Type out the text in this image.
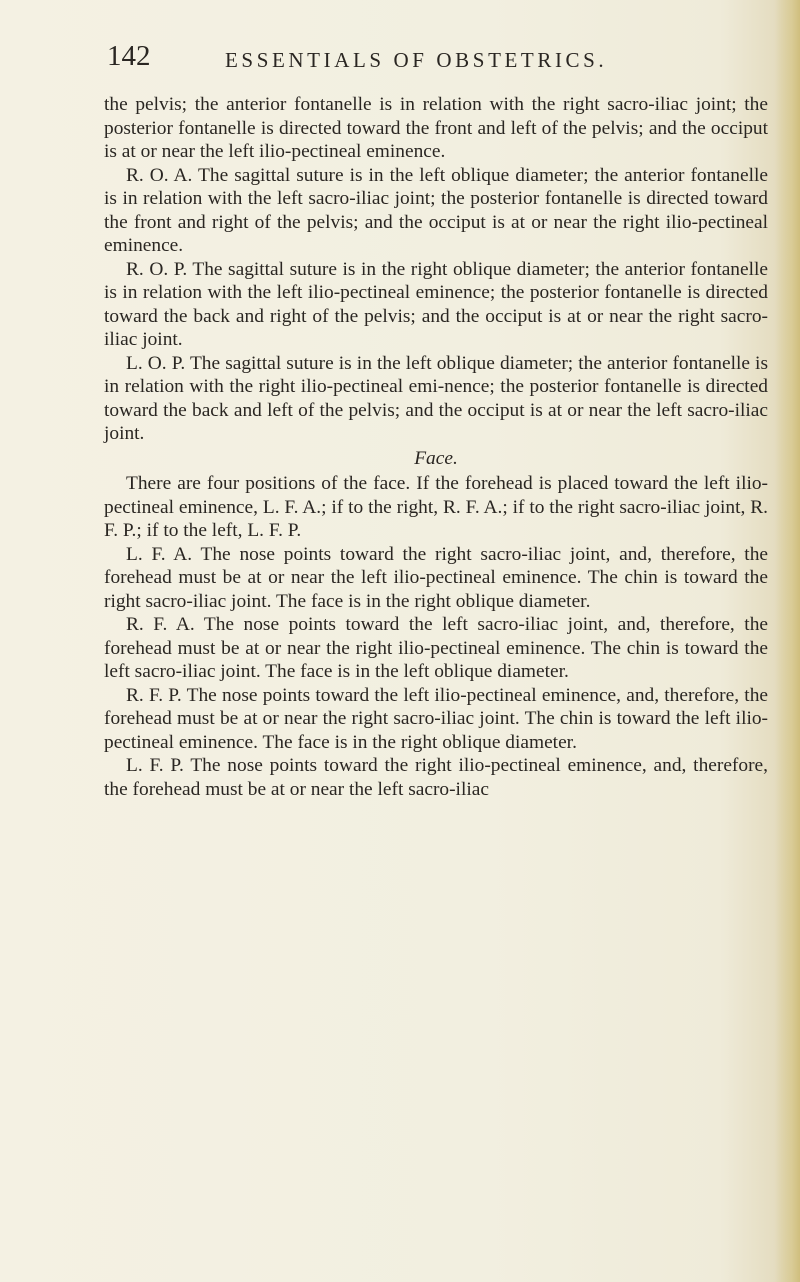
142	ESSENTIALS OF OBSTETRICS.

the pelvis; the anterior fontanelle is in relation with the right sacro-iliac joint; the posterior fontanelle is directed toward the front and left of the pelvis; and the occiput is at or near the left ilio-pectineal eminence.

R. O. A. The sagittal suture is in the left oblique diameter; the anterior fontanelle is in relation with the left sacro-iliac joint; the posterior fontanelle is directed toward the front and right of the pelvis; and the occiput is at or near the right ilio-pectineal eminence.

R. O. P. The sagittal suture is in the right oblique diameter; the anterior fontanelle is in relation with the left ilio-pectineal eminence; the posterior fontanelle is directed toward the back and right of the pelvis; and the occiput is at or near the right sacro-iliac joint.

L. O. P. The sagittal suture is in the left oblique diameter; the anterior fontanelle is in relation with the right ilio-pectineal emi-nence; the posterior fontanelle is directed toward the back and left of the pelvis; and the occiput is at or near the left sacro-iliac joint.

Face.

There are four positions of the face. If the forehead is placed toward the left ilio-pectineal eminence, L. F. A.; if to the right, R. F. A.; if to the right sacro-iliac joint, R. F. P.; if to the left, L. F. P.

L. F. A. The nose points toward the right sacro-iliac joint, and, therefore, the forehead must be at or near the left ilio-pectineal eminence. The chin is toward the right sacro-iliac joint. The face is in the right oblique diameter.

R. F. A. The nose points toward the left sacro-iliac joint, and, therefore, the forehead must be at or near the right ilio-pectineal eminence. The chin is toward the left sacro-iliac joint. The face is in the left oblique diameter.

R. F. P. The nose points toward the left ilio-pectineal eminence, and, therefore, the forehead must be at or near the right sacro-iliac joint. The chin is toward the left ilio-pectineal eminence. The face is in the right oblique diameter.

L. F. P. The nose points toward the right ilio-pectineal eminence, and, therefore, the forehead must be at or near the left sacro-iliac
